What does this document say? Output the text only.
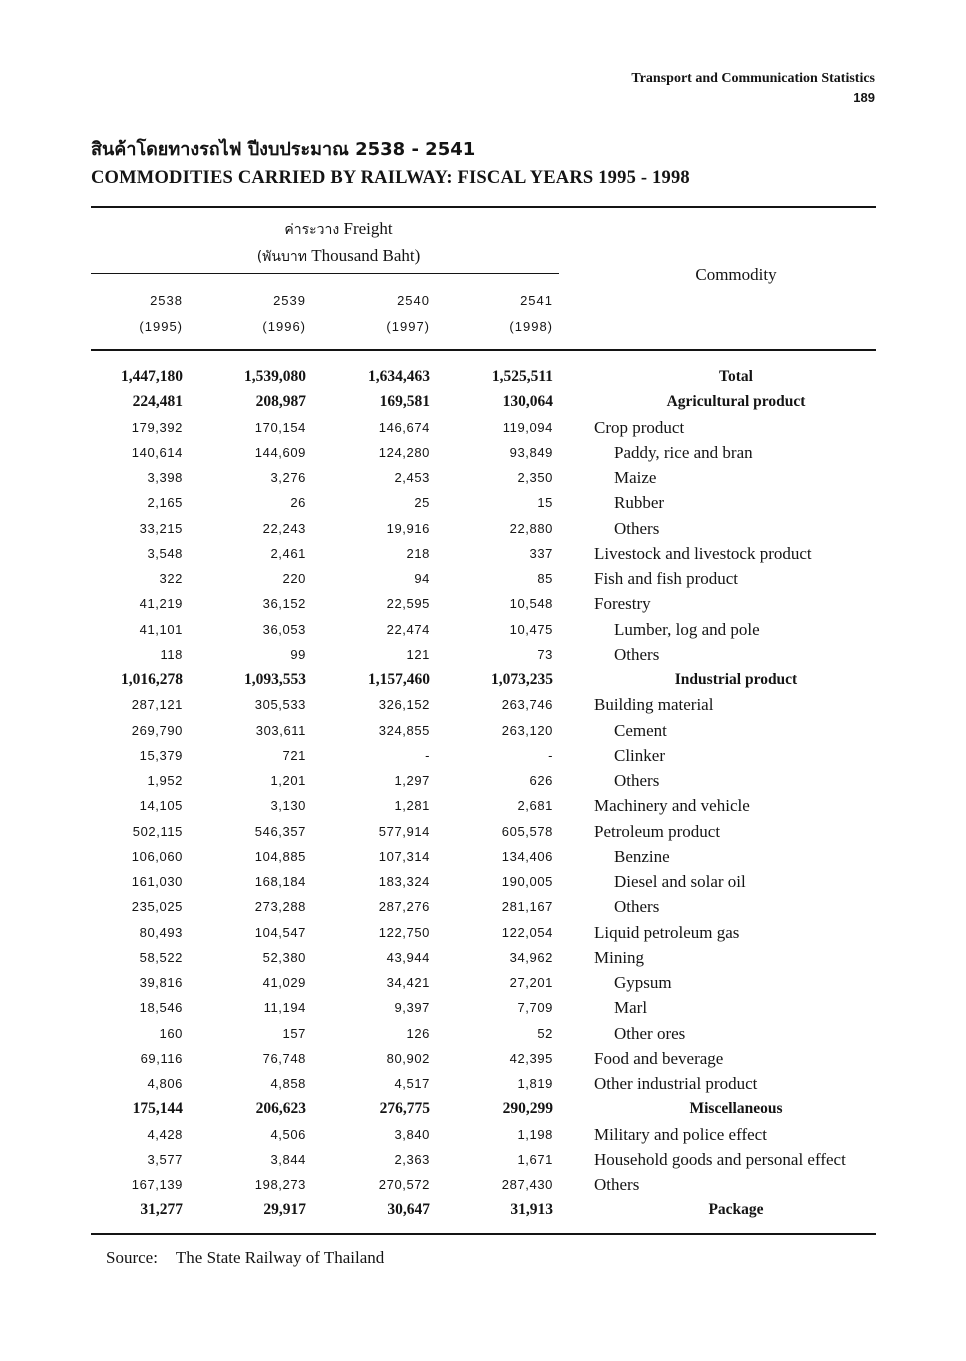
Transport and Communication Statistics
189
สินค้าโดยทางรถไฟ ปีงบประมาณ 2538 - 2541
COMMODITIES CARRIED BY RAILWAY: FISCAL YEARS 1995 - 1998
ค่าระวาง Freight
(พันบาท Thousand Baht)
Commodity
2538
(1995)
2539
(1996)
2540
(1997)
2541
(1998)
1,447,180	1,539,080	1,634,463	1,525,511	Total
224,481	208,987	169,581	130,064	Agricultural product
179,392	170,154	146,674	119,094 Crop product
140,614	144,609	124,280	93,849	Paddy, rice and bran
3,398	3,276	2,453	2,350	Maize
2,165	26	25	15	Rubber
33,215	22,243	19,916	22,880	Others
3,548	2,461	218	337 Livestock and livestock product
322	220	94	85 Fish and fish product
41,219	36,152	22,595	10,548 Forestry
41,101	36,053	22,474	10,475	Lumber, log and pole
118	99	121	73	Others
1,016,278	1,093,553	1,157,460	1,073,235	Industrial product
287,121	305,533	326,152	263,746 Building material
269,790	303,611	324,855	263,120	Cement
15,379	721	-	-	Clinker
1,952	1,201	1,297	626	Others
14,105	3,130	1,281	2,681 Machinery and vehicle
502,115	546,357	577,914	605,578 Petroleum product
106,060	104,885	107,314	134,406	Benzine
161,030	168,184	183,324	190,005	Diesel and solar oil
235,025	273,288	287,276	281,167	Others
80,493	104,547	122,750	122,054 Liquid petroleum gas
58,522	52,380	43,944	34,962 Mining
39,816	41,029	34,421	27,201	Gypsum
18,546	11,194	9,397	7,709	Marl
160	157	126	52	Other ores
69,116	76,748	80,902	42,395 Food and beverage
4,806	4,858	4,517	1,819 Other industrial product
175,144	206,623	276,775	290,299	Miscellaneous
4,428	4,506	3,840	1,198 Military and police effect
3,577	3,844	2,363	1,671 Household goods and personal effect
167,139	198,273	270,572	287,430 Others
31,277	29,917	30,647	31,913	Package
Source: The State Railway of Thailand
